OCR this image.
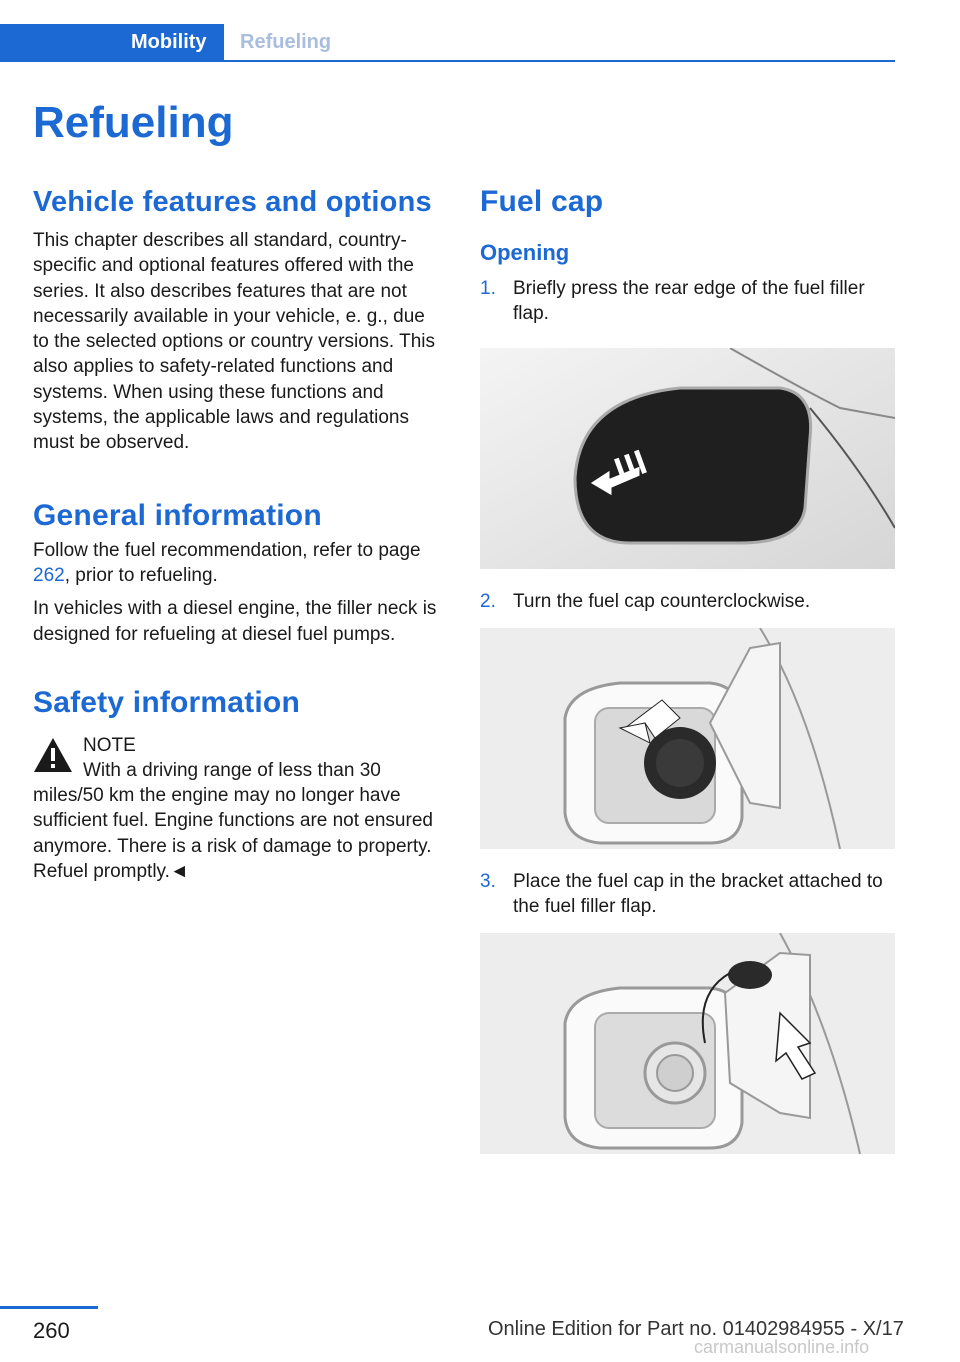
Mobility	Refueling
Refueling
Vehicle features and options

This chapter describes all standard, country-specific and optional features offered with the series. It also describes features that are not necessarily available in your vehicle, e. g., due to the selected options or country versions. This also applies to safety-related functions and systems. When using these functions and systems, the applicable laws and regulations must be observed.

General information

Follow the fuel recommendation, refer to page 262, prior to refueling.

In vehicles with a diesel engine, the filler neck is designed for refueling at diesel fuel pumps.

Safety information
NOTE
With a driving range of less than 30 miles/50 km the engine may no longer have sufficient fuel. Engine functions are not ensured anymore. There is a risk of damage to property. Refuel promptly.◄
Fuel cap
Opening
1. Briefly press the rear edge of the fuel filler flap.
2. Turn the fuel cap counterclockwise.
3. Place the fuel cap in the bracket attached to the fuel filler flap.
260	Online Edition for Part no. 01402984955 - X/17
carmanualsonline.info
